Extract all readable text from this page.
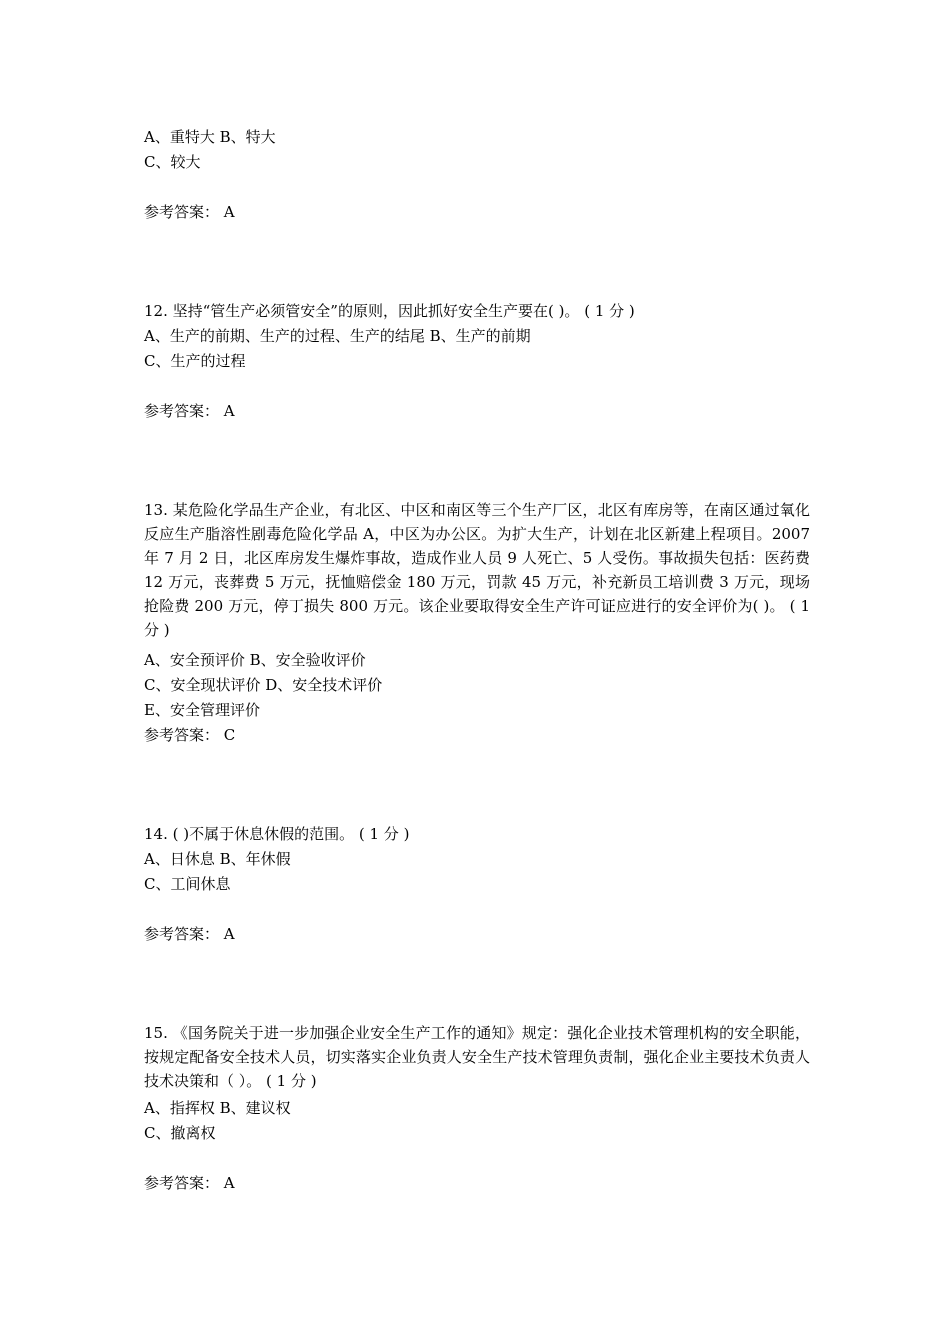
A、重特大 B、特大
C、较大
参考答案： A
12. 坚持“管生产必须管安全”的原则，因此抓好安全生产要在( )。 ( 1 分 )
A、生产的前期、生产的过程、生产的结尾 B、生产的前期
C、生产的过程
参考答案： A
13. 某危险化学品生产企业，有北区、中区和南区等三个生产厂区，北区有库房等，在南区通过氧化反应生产脂溶性剧毒危险化学品 A，中区为办公区。为扩大生产，计划在北区新建上程项目。2007 年 7 月 2 日，北区库房发生爆炸事故，造成作业人员 9 人死亡、5 人受伤。事故损失包括：医药费 12 万元，丧葬费 5 万元，抚恤赔偿金 180 万元，罚款 45 万元，补充新员工培训费 3 万元，现场抢险费 200 万元，停丁损失 800 万元。该企业要取得安全生产许可证应进行的安全评价为( )。 ( 1 分 )
A、安全预评价 B、安全验收评价
C、安全现状评价 D、安全技术评价
E、安全管理评价
参考答案： C
14. ( )不属于休息休假的范围。 ( 1 分 )
A、日休息 B、年休假
C、工间休息
参考答案： A
15. 《国务院关于进一步加强企业安全生产工作的通知》规定：强化企业技术管理机构的安全职能，按规定配备安全技术人员，切实落实企业负责人安全生产技术管理负责制，强化企业主要技术负责人技术决策和（ ）。 ( 1 分 )
A、指挥权 B、建议权
C、撤离权
参考答案： A
